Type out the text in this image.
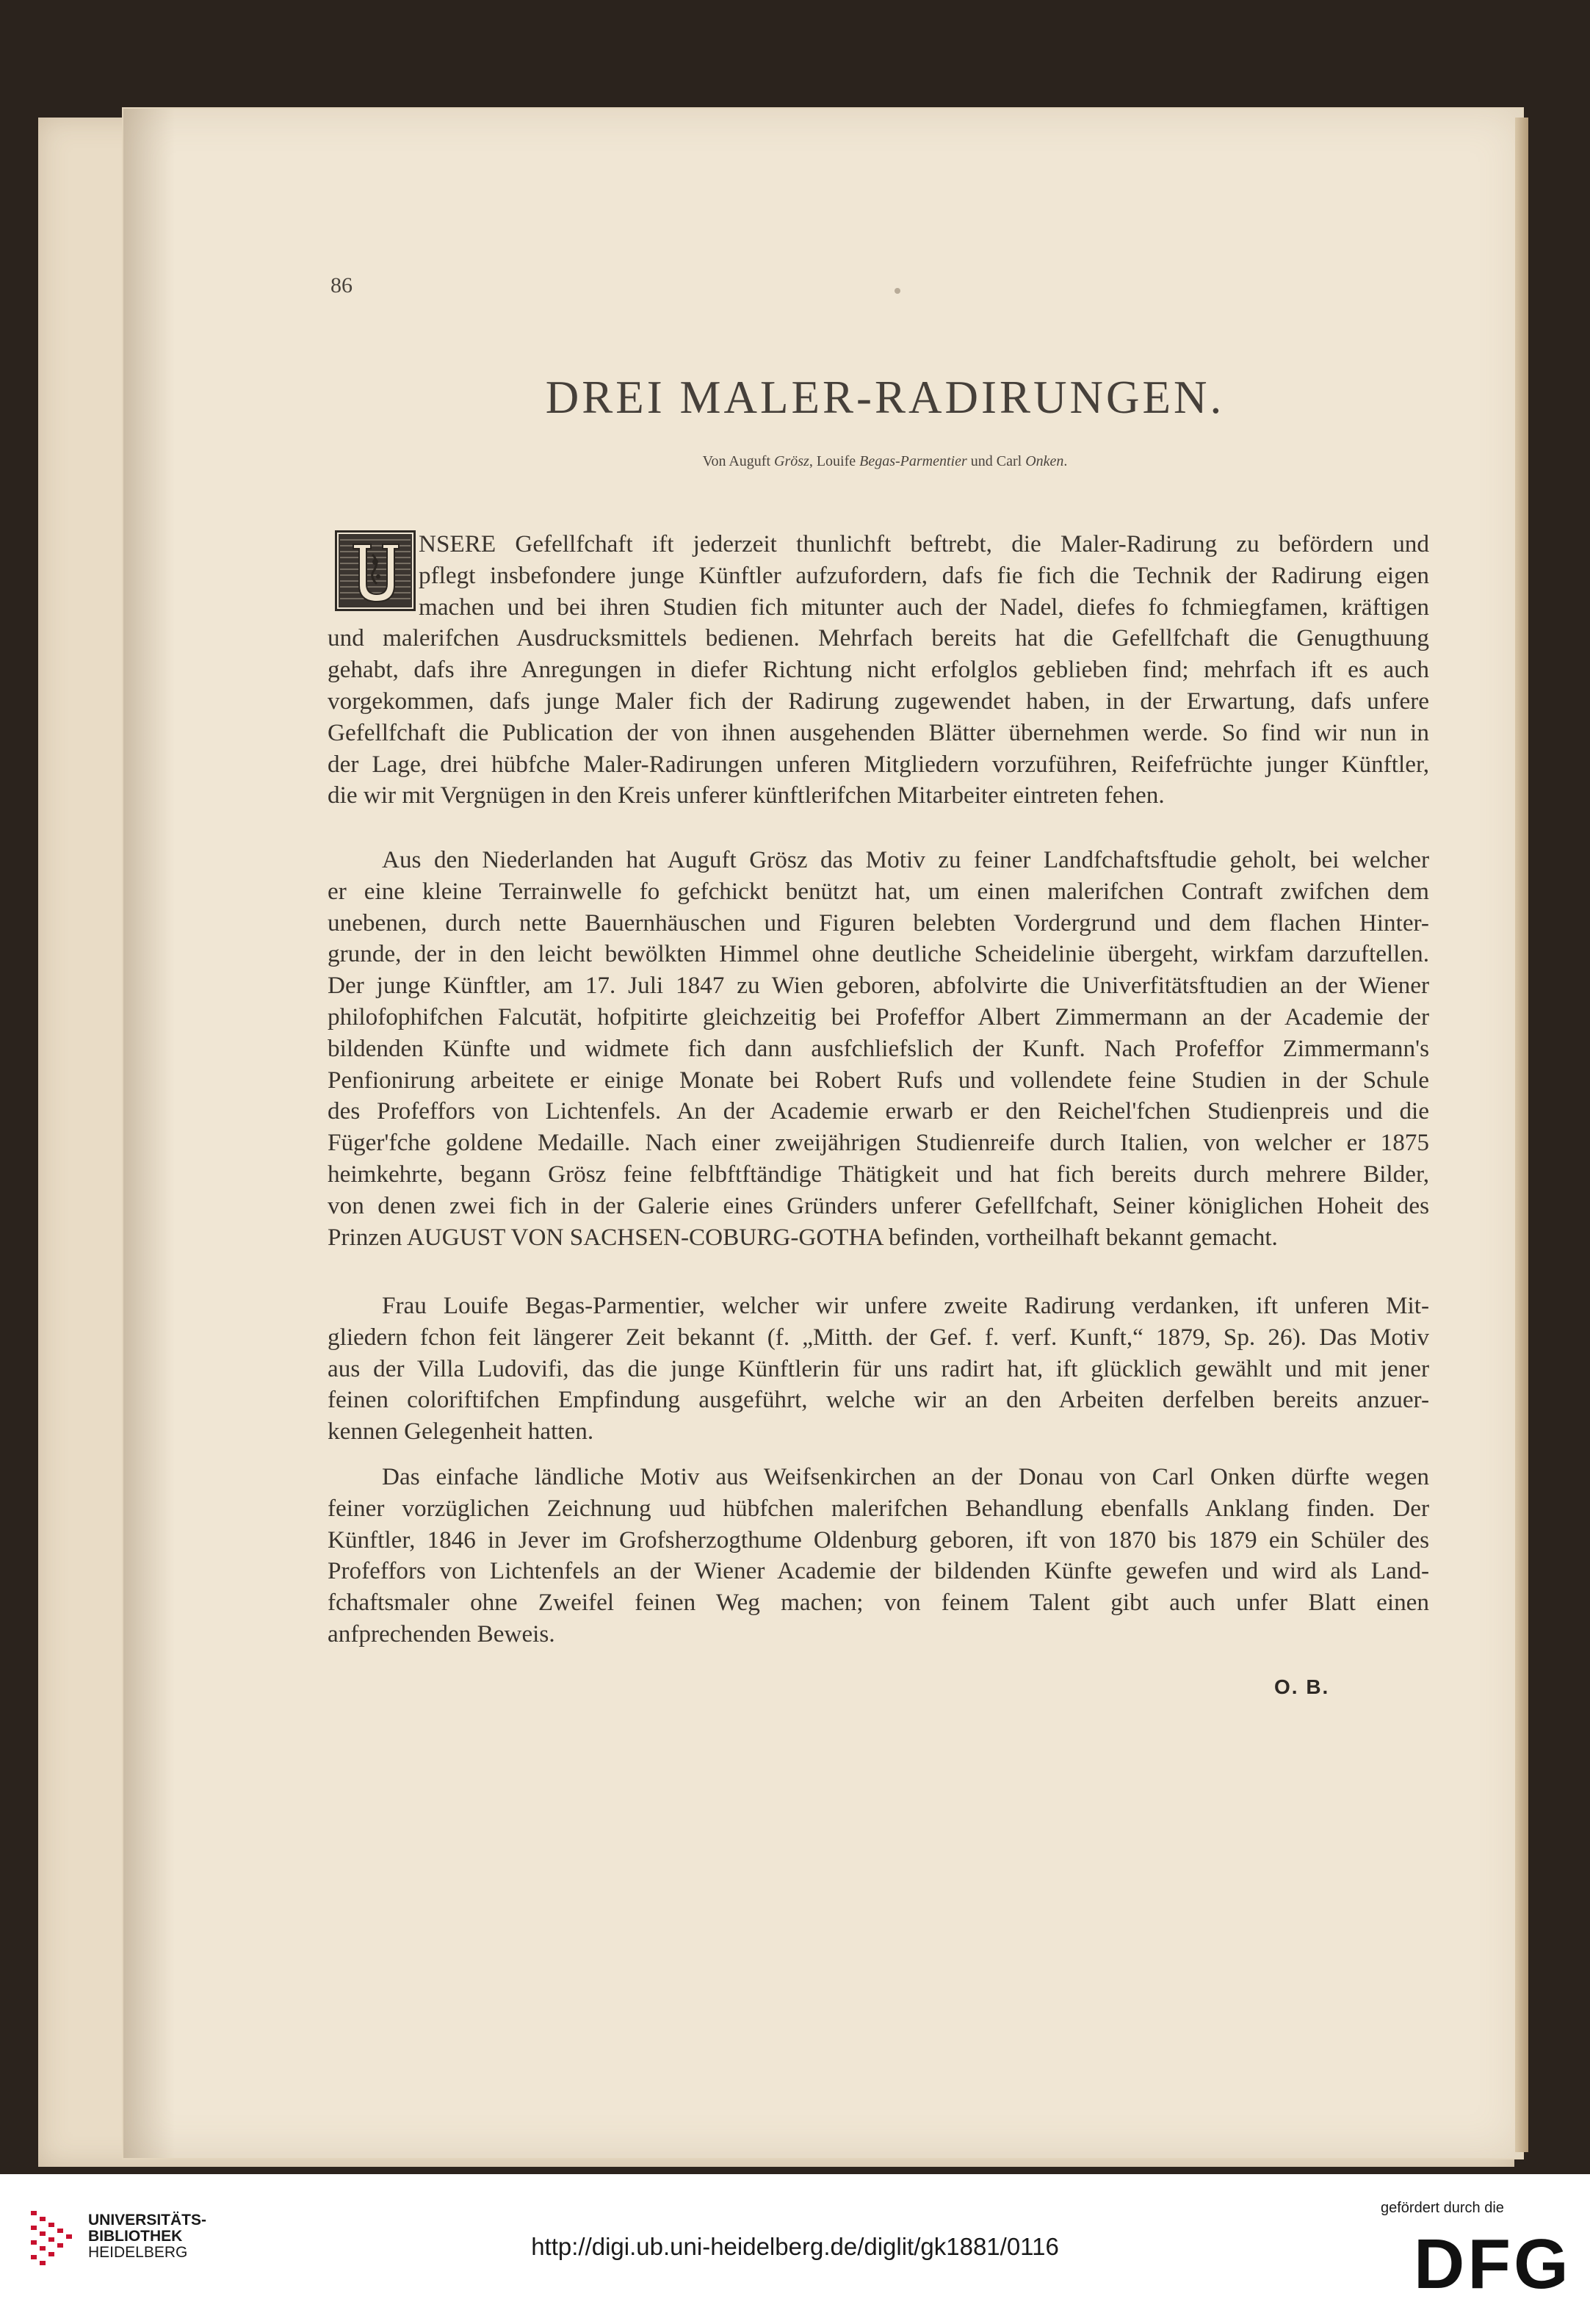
86
DREI MALER-RADIRUNGEN.
Von Auguft Grösz, Louife Begas-Parmentier und Carl Onken.
NSERE Gefellfchaft ift jederzeit thunlichft beftrebt, die Maler-Radirung zu befördern und
pflegt insbefondere junge Künftler aufzufordern, dafs fie fich die Technik der Radirung eigen
machen und bei ihren Studien fich mitunter auch der Nadel, diefes fo fchmiegfamen, kräftigen
und malerifchen Ausdrucksmittels bedienen. Mehrfach bereits hat die Gefellfchaft die Genugthuung
gehabt, dafs ihre Anregungen in diefer Richtung nicht erfolglos geblieben find; mehrfach ift es auch
vorgekommen, dafs junge Maler fich der Radirung zugewendet haben, in der Erwartung, dafs unfere
Gefellfchaft die Publication der von ihnen ausgehenden Blätter übernehmen werde. So find wir nun in
der Lage, drei hübfche Maler-Radirungen unferen Mitgliedern vorzuführen, Reifefrüchte junger Künftler,
die wir mit Vergnügen in den Kreis unferer künftlerifchen Mitarbeiter eintreten fehen.
Aus den Niederlanden hat Auguft Grösz das Motiv zu feiner Landfchaftsftudie geholt, bei welcher
er eine kleine Terrainwelle fo gefchickt benützt hat, um einen malerifchen Contraft zwifchen dem
unebenen, durch nette Bauernhäuschen und Figuren belebten Vordergrund und dem flachen Hinter-
grunde, der in den leicht bewölkten Himmel ohne deutliche Scheidelinie übergeht, wirkfam darzuftellen.
Der junge Künftler, am 17. Juli 1847 zu Wien geboren, abfolvirte die Univerfitätsftudien an der Wiener
philofophifchen Falcutät, hofpitirte gleichzeitig bei Profeffor Albert Zimmermann an der Academie der
bildenden Künfte und widmete fich dann ausfchliefslich der Kunft. Nach Profeffor Zimmermann's
Penfionirung arbeitete er einige Monate bei Robert Rufs und vollendete feine Studien in der Schule
des Profeffors von Lichtenfels. An der Academie erwarb er den Reichel'fchen Studienpreis und die
Füger'fche goldene Medaille. Nach einer zweijährigen Studienreife durch Italien, von welcher er 1875
heimkehrte, begann Grösz feine felbftftändige Thätigkeit und hat fich bereits durch mehrere Bilder,
von denen zwei fich in der Galerie eines Gründers unferer Gefellfchaft, Seiner königlichen Hoheit des
Prinzen AUGUST VON SACHSEN-COBURG-GOTHA befinden, vortheilhaft bekannt gemacht.
Frau Louife Begas-Parmentier, welcher wir unfere zweite Radirung verdanken, ift unferen Mit-
gliedern fchon feit längerer Zeit bekannt (f. „Mitth. der Gef. f. verf. Kunft,“ 1879, Sp. 26). Das Motiv
aus der Villa Ludovifi, das die junge Künftlerin für uns radirt hat, ift glücklich gewählt und mit jener
feinen coloriftifchen Empfindung ausgeführt, welche wir an den Arbeiten derfelben bereits anzuer-
kennen Gelegenheit hatten.
Das einfache ländliche Motiv aus Weifsenkirchen an der Donau von Carl Onken dürfte wegen
feiner vorzüglichen Zeichnung uud hübfchen malerifchen Behandlung ebenfalls Anklang finden. Der
Künftler, 1846 in Jever im Grofsherzogthume Oldenburg geboren, ift von 1870 bis 1879 ein Schüler des
Profeffors von Lichtenfels an der Wiener Academie der bildenden Künfte gewefen und wird als Land-
fchaftsmaler ohne Zweifel feinen Weg machen; von feinem Talent gibt auch unfer Blatt einen
anfprechenden Beweis.
O. B.
UNIVERSITÄTS-
BIBLIOTHEK
HEIDELBERG	http://digi.ub.uni-heidelberg.de/diglit/gk1881/0116
gefördert durch die
DFG
